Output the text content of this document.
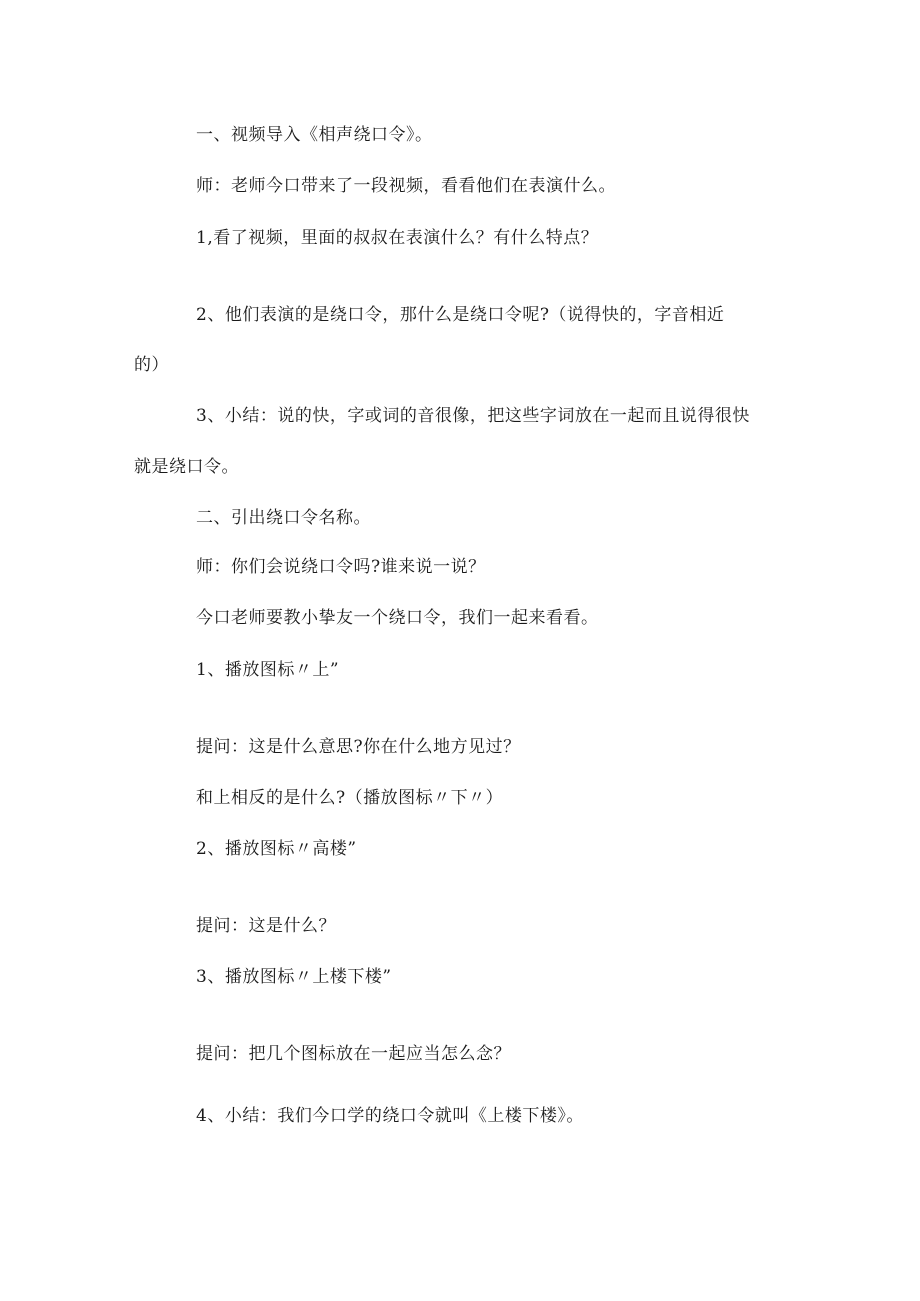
一、视频导入《相声绕口令》。
师：老师今口带来了一段视频，看看他们在表演什么。
1,看了视频，里面的叔叔在表演什么？有什么特点？
2、他们表演的是绕口令，那什么是绕口令呢?（说得快的，字音相近
的）
3、小结：说的快，字或词的音很像，把这些字词放在一起而且说得很快
就是绕口令。
二、引出绕口令名称。
师：你们会说绕口令吗?谁来说一说？
今口老师要教小挚友一个绕口令，我们一起来看看。
1、播放图标〃上”
提问：这是什么意思?你在什么地方见过？
和上相反的是什么?（播放图标〃下〃）
2、播放图标〃高楼”
提问：这是什么？
3、播放图标〃上楼下楼”
提问：把几个图标放在一起应当怎么念？
4、小结：我们今口学的绕口令就叫《上楼下楼》。
